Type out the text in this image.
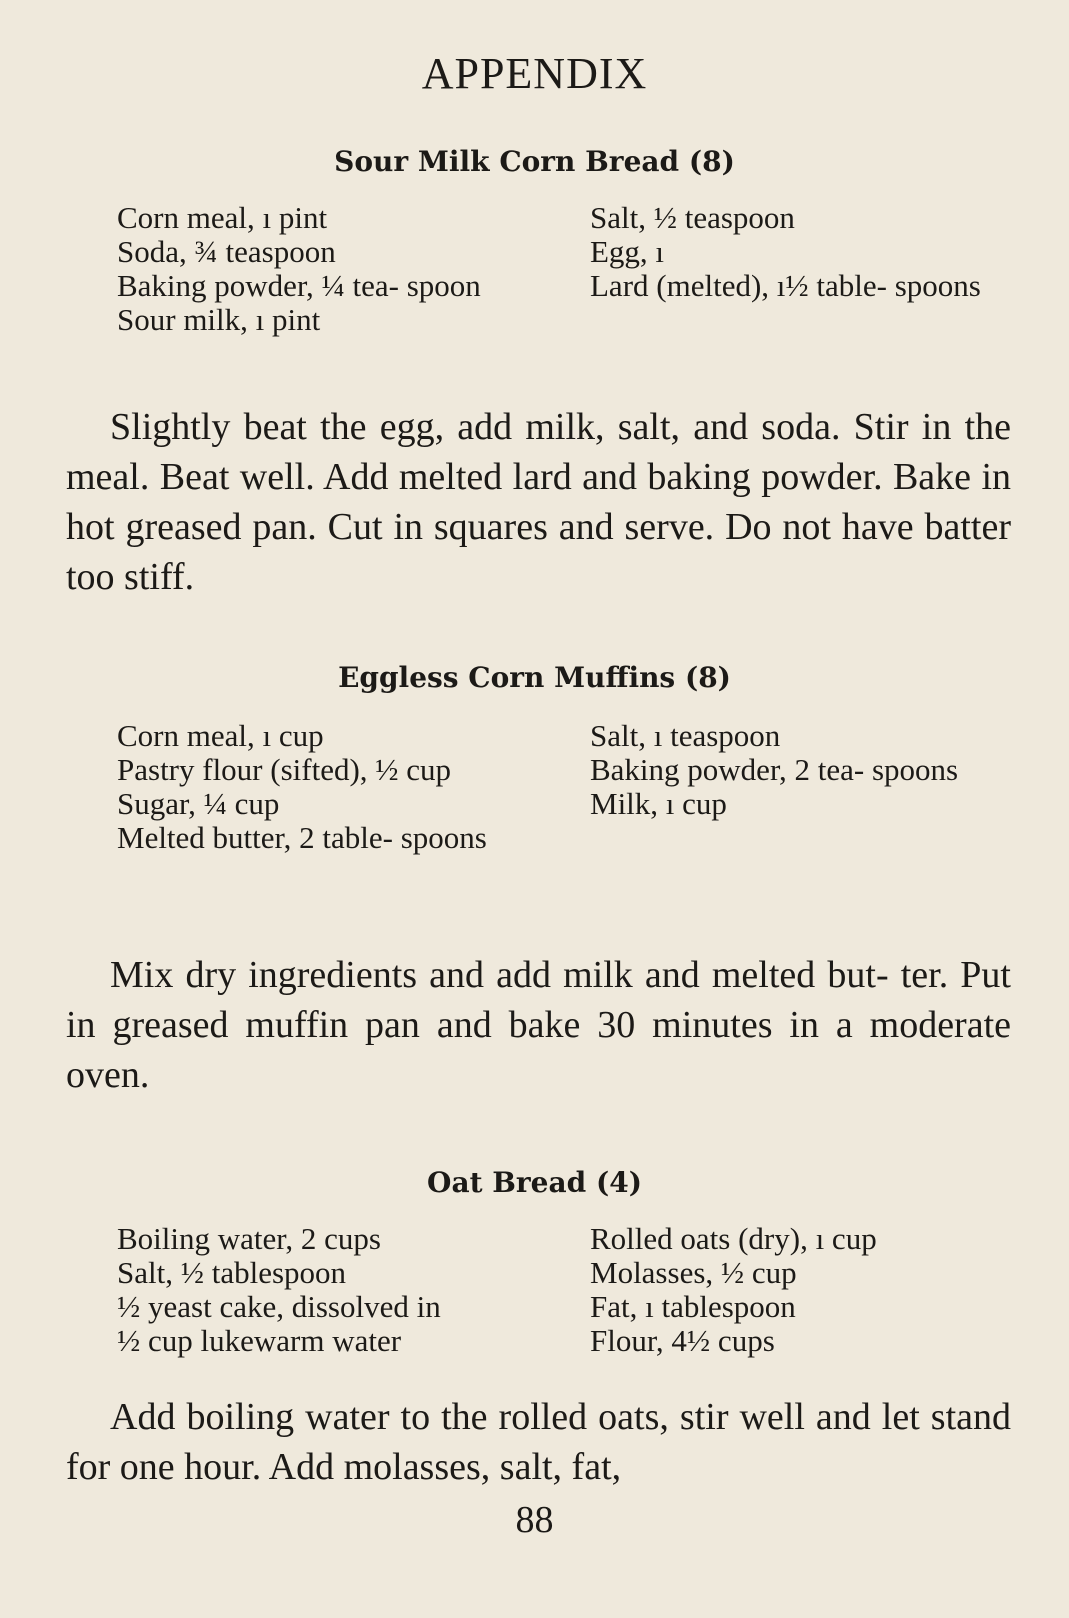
APPENDIX
Sour Milk Corn Bread (8)
Corn meal, ı pint
Soda, ¾ teaspoon
Baking powder, ¼ tea- spoon
Sour milk, ı pint
Salt, ½ teaspoon
Egg, ı
Lard (melted), ı½ table- spoons
Slightly beat the egg, add milk, salt, and soda. Stir in the meal. Beat well. Add melted lard and baking powder. Bake in hot greased pan. Cut in squares and serve. Do not have batter too stiff.
Eggless Corn Muffins (8)
Corn meal, ı cup
Pastry flour (sifted), ½ cup
Sugar, ¼ cup
Melted butter, 2 table- spoons
Salt, ı teaspoon
Baking powder, 2 tea- spoons
Milk, ı cup
Mix dry ingredients and add milk and melted but- ter. Put in greased muffin pan and bake 30 minutes in a moderate oven.
Oat Bread (4)
Boiling water, 2 cups
Salt, ½ tablespoon
½ yeast cake, dissolved in
½ cup lukewarm water
Rolled oats (dry), ı cup
Molasses, ½ cup
Fat, ı tablespoon
Flour, 4½ cups
Add boiling water to the rolled oats, stir well and let stand for one hour. Add molasses, salt, fat,
88
